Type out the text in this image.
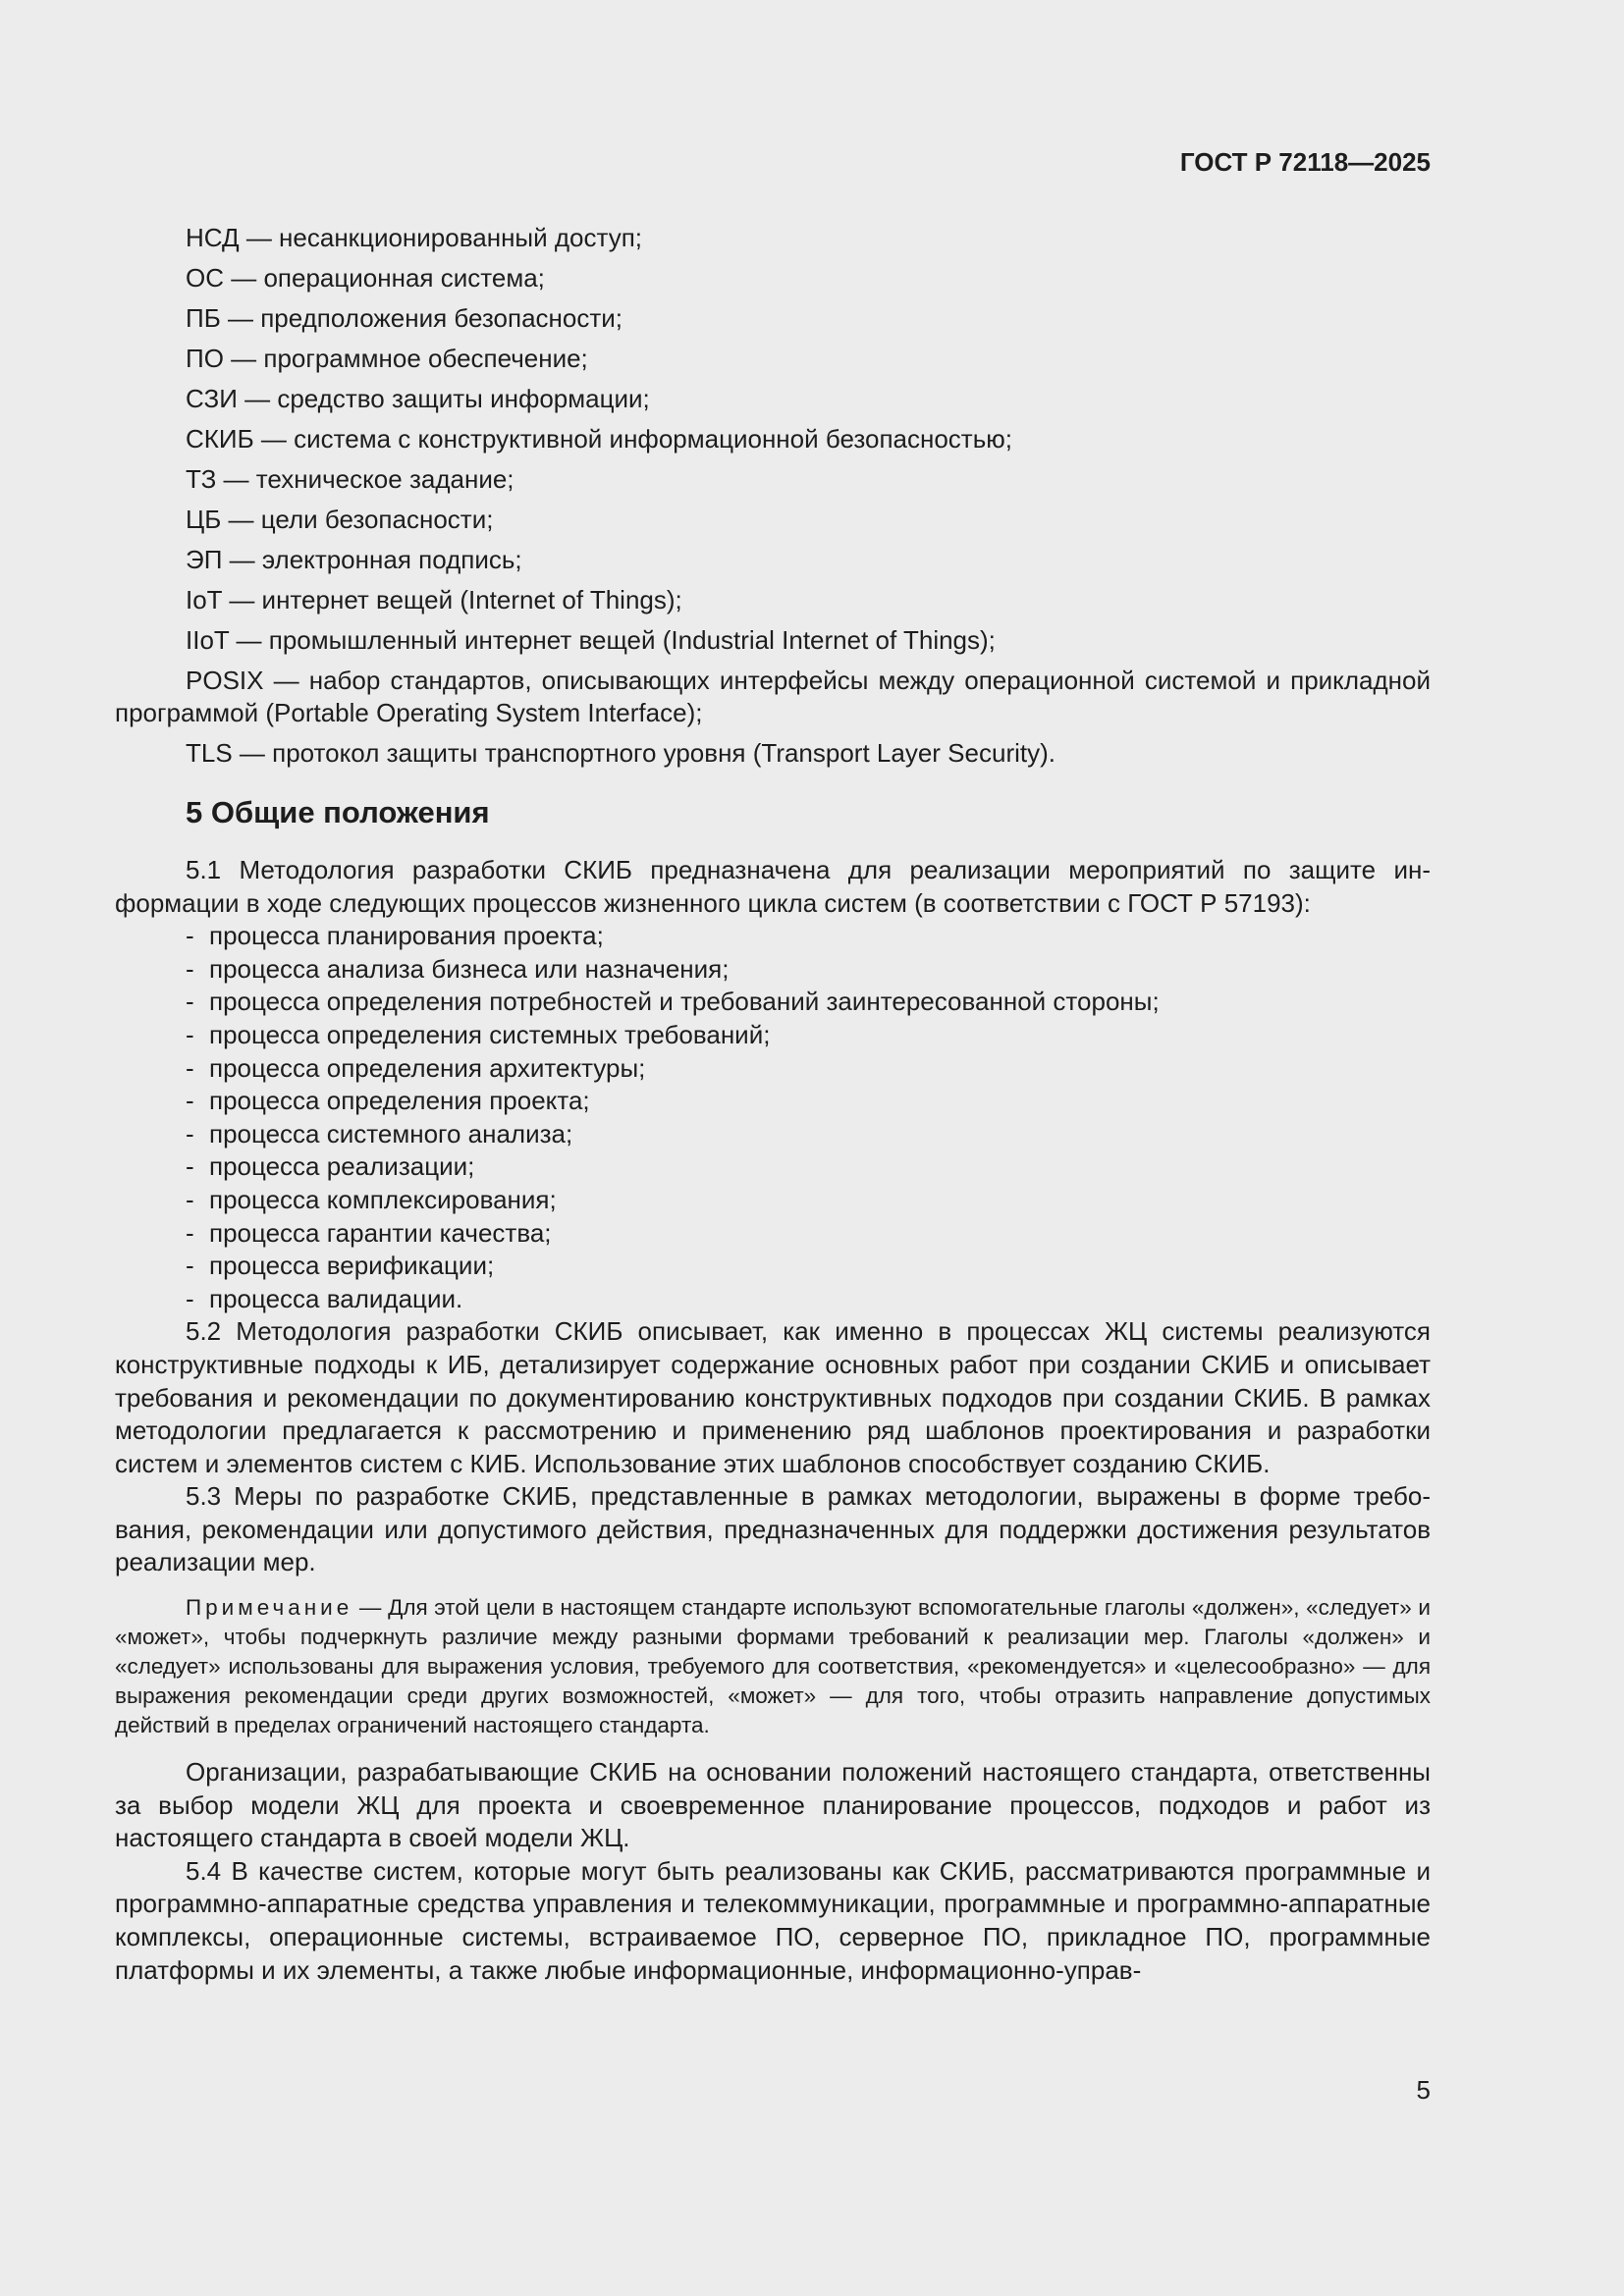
ГОСТ Р 72118—2025

НСД — несанкционированный доступ;

ОС — операционная система;

ПБ — предположения безопасности;

ПО — программное обеспечение;

СЗИ — средство защиты информации;

СКИБ — система с конструктивной информационной безопасностью;

ТЗ — техническое задание;

ЦБ — цели безопасности;

ЭП — электронная подпись;

IoT — интернет вещей (Internet of Things);

IIoT — промышленный интернет вещей (Industrial Internet of Things);

POSIX — набор стандартов, описывающих интерфейсы между операционной системой и прикладной программой (Portable Operating System Interface);

TLS — протокол защиты транспортного уровня (Transport Layer Security).

5 Общие положения

5.1 Методология разработки СКИБ предназначена для реализации мероприятий по защите информации в ходе следующих процессов жизненного цикла систем (в соответствии с ГОСТ Р 57193):

- процесса планирования проекта;
- процесса анализа бизнеса или назначения;
- процесса определения потребностей и требований заинтересованной стороны;
- процесса определения системных требований;
- процесса определения архитектуры;
- процесса определения проекта;
- процесса системного анализа;
- процесса реализации;
- процесса комплексирования;
- процесса гарантии качества;
- процесса верификации;
- процесса валидации.

5.2 Методология разработки СКИБ описывает, как именно в процессах ЖЦ системы реализуются конструктивные подходы к ИБ, детализирует содержание основных работ при создании СКИБ и описывает требования и рекомендации по документированию конструктивных подходов при создании СКИБ. В рамках методологии предлагается к рассмотрению и применению ряд шаблонов проектирования и разработки систем и элементов систем с КИБ. Использование этих шаблонов способствует созданию СКИБ.

5.3 Меры по разработке СКИБ, представленные в рамках методологии, выражены в форме требования, рекомендации или допустимого действия, предназначенных для поддержки достижения результатов реализации мер.

Примечание — Для этой цели в настоящем стандарте используют вспомогательные глаголы «должен», «следует» и «может», чтобы подчеркнуть различие между разными формами требований к реализации мер. Глаголы «должен» и «следует» использованы для выражения условия, требуемого для соответствия, «рекомендуется» и «целесообразно» — для выражения рекомендации среди других возможностей, «может» — для того, чтобы отразить направление допустимых действий в пределах ограничений настоящего стандарта.

Организации, разрабатывающие СКИБ на основании положений настоящего стандарта, ответственны за выбор модели ЖЦ для проекта и своевременное планирование процессов, подходов и работ из настоящего стандарта в своей модели ЖЦ.

5.4 В качестве систем, которые могут быть реализованы как СКИБ, рассматриваются программные и программно-аппаратные средства управления и телекоммуникации, программные и программно-аппаратные комплексы, операционные системы, встраиваемое ПО, серверное ПО, прикладное ПО, программные платформы и их элементы, а также любые информационные, информационно-управ-

5
